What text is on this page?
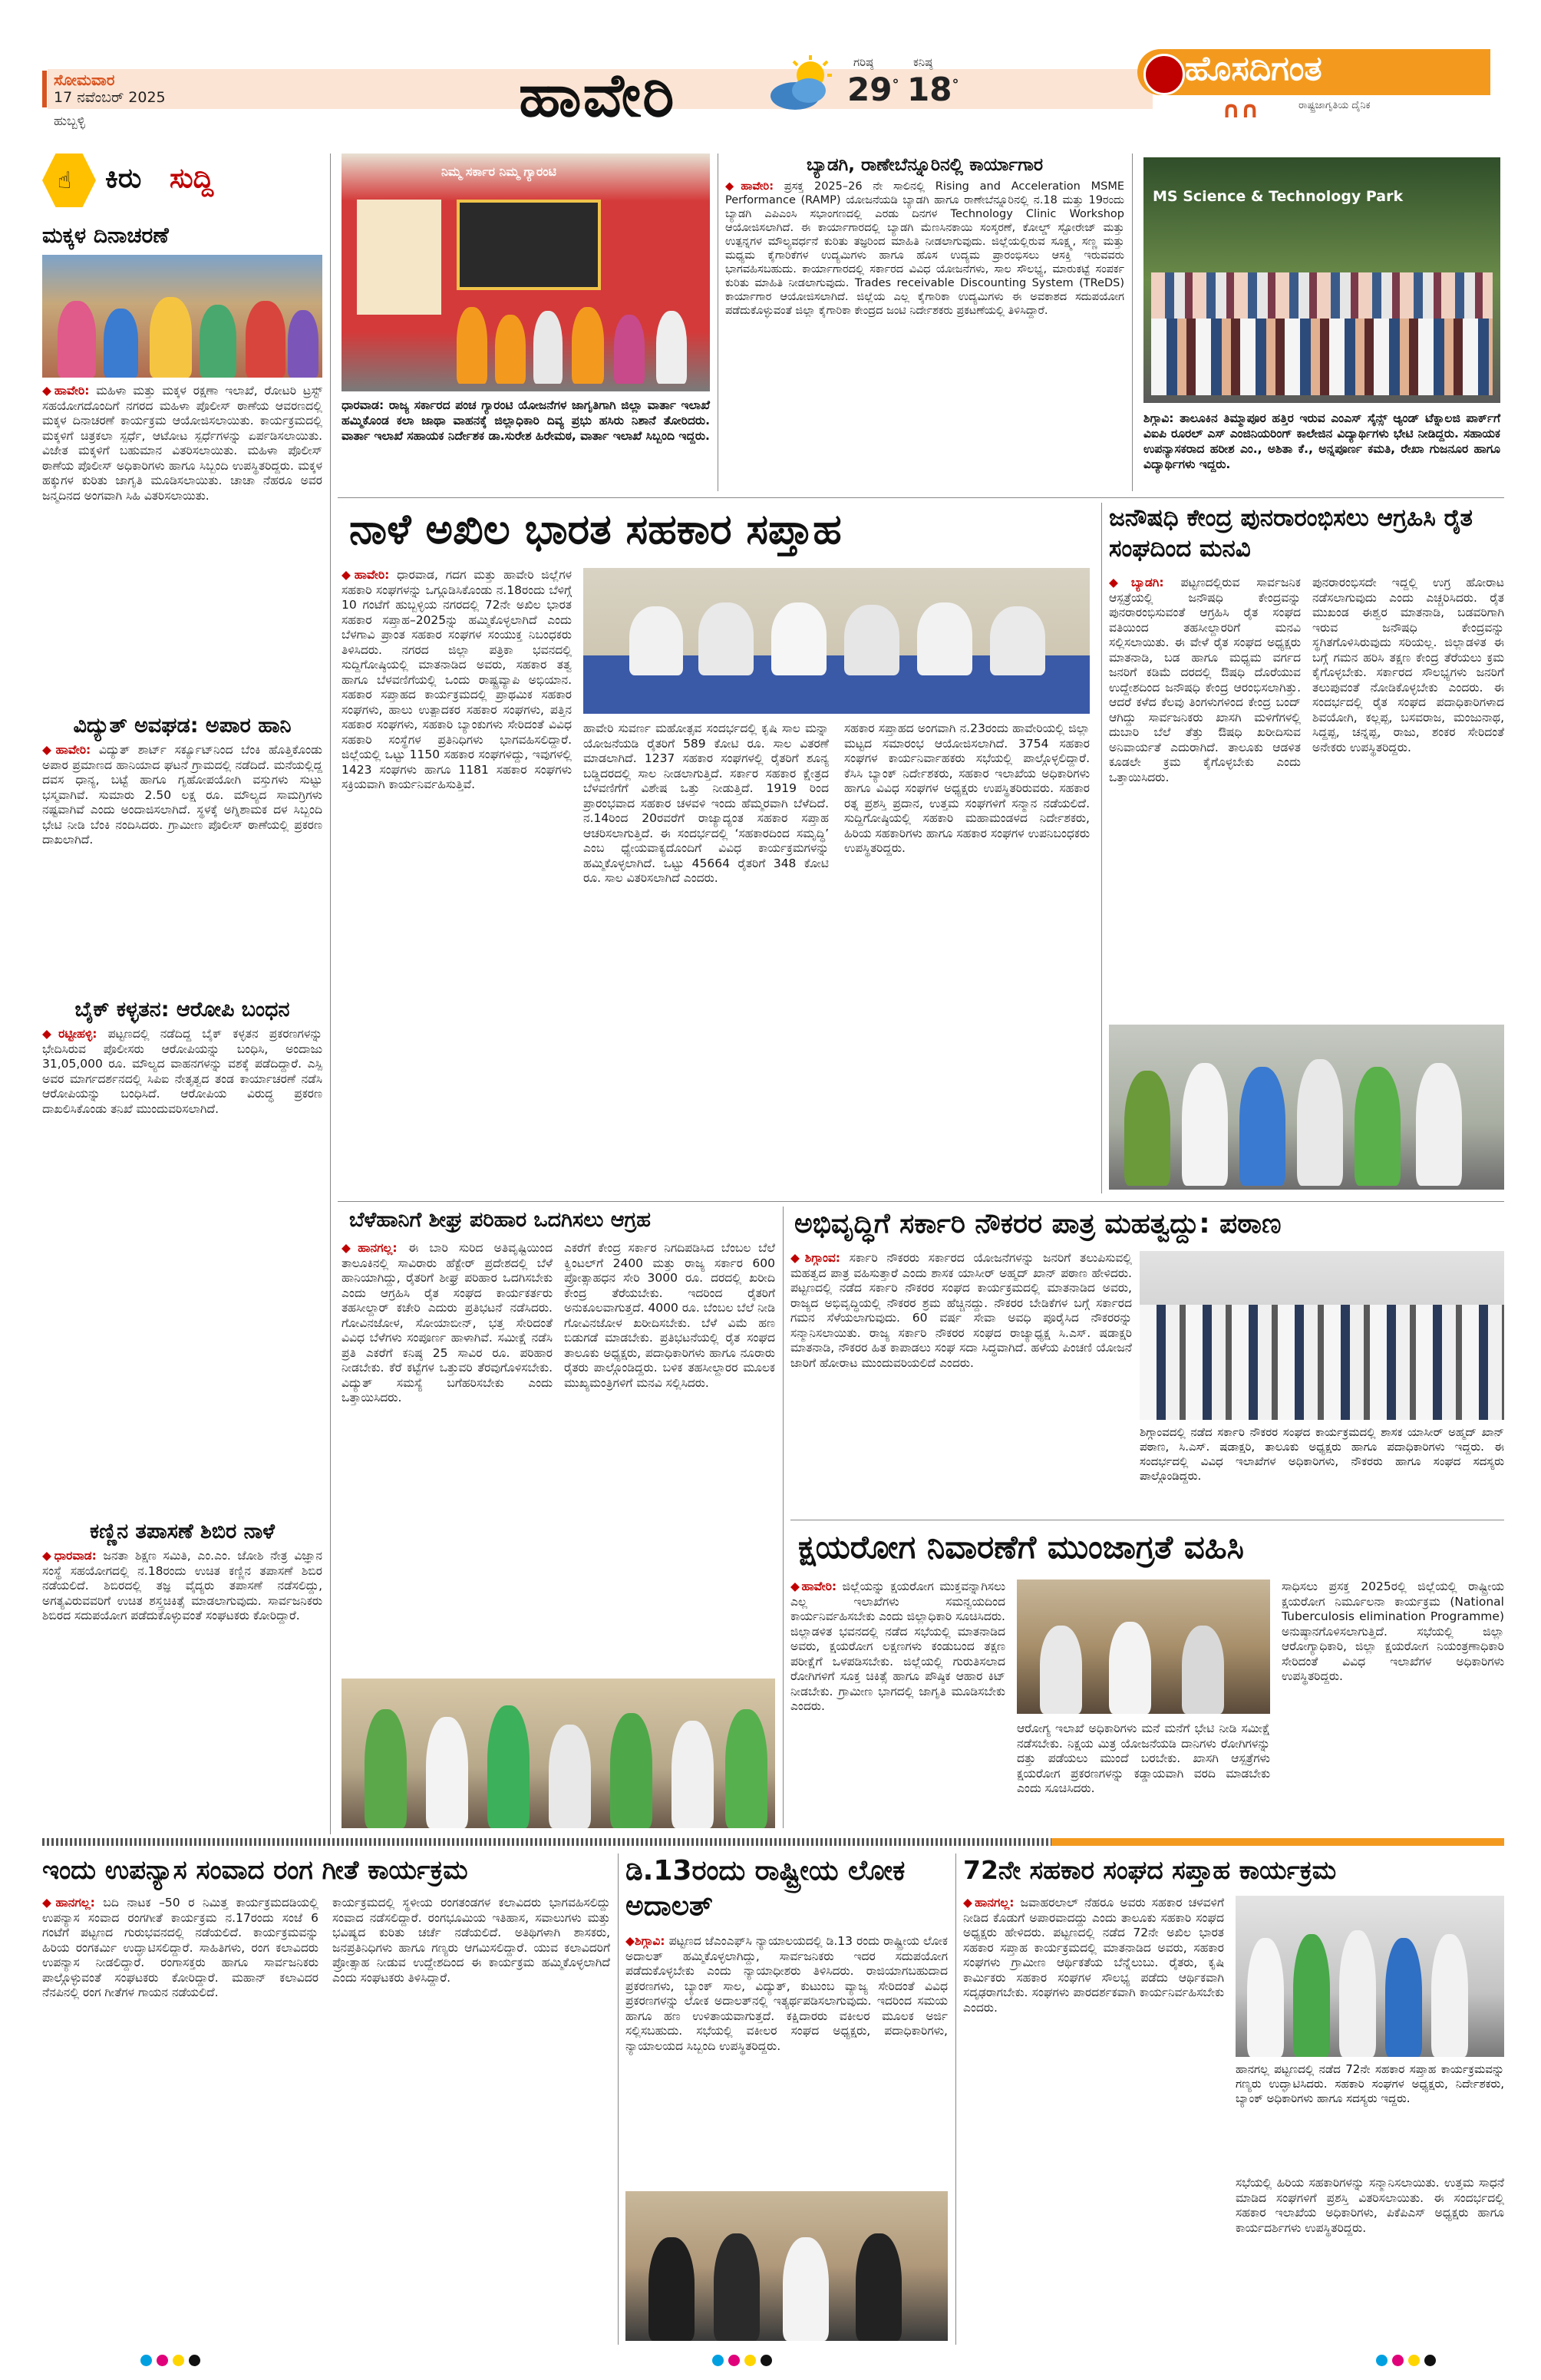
ಸೋಮವಾರ
17 ನವೆಂಬರ್ 2025
ಹುಬ್ಬಳ್ಳಿ	ಹಾವೇರಿ	ಗರಿಷ್ಠ	ಕನಿಷ್ಠ
29° 18°	ಹೊಸದಿಗಂತ
ರಾಷ್ಟ್ರಜಾಗೃತಿಯ ದೈನಿಕ
∩∩
☝ ಕಿರು ಸುದ್ದಿ
ಮಕ್ಕಳ ದಿನಾಚರಣೆ
◆ಹಾವೇರಿ: ಮಹಿಳಾ ಮತ್ತು ಮಕ್ಕಳ ರಕ್ಷಣಾ ಇಲಾಖೆ, ರೋಟರಿ ಟ್ರಸ್ಟ್ ಸಹಯೋಗದೊಂದಿಗೆ ನಗರದ ಮಹಿಳಾ ಪೊಲೀಸ್ ಠಾಣೆಯ ಆವರಣದಲ್ಲಿ ಮಕ್ಕಳ ದಿನಾಚರಣೆ ಕಾರ್ಯಕ್ರಮ ಆಯೋಜಿಸಲಾಯಿತು. ಕಾರ್ಯಕ್ರಮದಲ್ಲಿ ಮಕ್ಕಳಿಗೆ ಚಿತ್ರಕಲಾ ಸ್ಪರ್ಧೆ, ಆಟೋಟ ಸ್ಪರ್ಧೆಗಳನ್ನು ಏರ್ಪಡಿಸಲಾಯಿತು. ವಿಜೇತ ಮಕ್ಕಳಿಗೆ ಬಹುಮಾನ ವಿತರಿಸಲಾಯಿತು. ಮಹಿಳಾ ಪೊಲೀಸ್ ಠಾಣೆಯ ಪೊಲೀಸ್ ಅಧಿಕಾರಿಗಳು ಹಾಗೂ ಸಿಬ್ಬಂದಿ ಉಪಸ್ಥಿತರಿದ್ದರು. ಮಕ್ಕಳ ಹಕ್ಕುಗಳ ಕುರಿತು ಜಾಗೃತಿ ಮೂಡಿಸಲಾಯಿತು. ಚಾಚಾ ನೆಹರೂ ಅವರ ಜನ್ಮದಿನದ ಅಂಗವಾಗಿ ಸಿಹಿ ವಿತರಿಸಲಾಯಿತು.
ವಿದ್ಯುತ್ ಅವಘಡ: ಅಪಾರ ಹಾನಿ
◆ಹಾವೇರಿ: ವಿದ್ಯುತ್ ಶಾರ್ಟ್ ಸರ್ಕ್ಯೂಟ್‌ನಿಂದ ಬೆಂಕಿ ಹೊತ್ತಿಕೊಂಡು ಅಪಾರ ಪ್ರಮಾಣದ ಹಾನಿಯಾದ ಘಟನೆ ಗ್ರಾಮದಲ್ಲಿ ನಡೆದಿದೆ. ಮನೆಯಲ್ಲಿದ್ದ ದವಸ ಧಾನ್ಯ, ಬಟ್ಟೆ ಹಾಗೂ ಗೃಹೋಪಯೋಗಿ ವಸ್ತುಗಳು ಸುಟ್ಟು ಭಸ್ಮವಾಗಿವೆ. ಸುಮಾರು 2.50 ಲಕ್ಷ ರೂ. ಮೌಲ್ಯದ ಸಾಮಗ್ರಿಗಳು ನಷ್ಟವಾಗಿವೆ ಎಂದು ಅಂದಾಜಿಸಲಾಗಿದೆ. ಸ್ಥಳಕ್ಕೆ ಅಗ್ನಿಶಾಮಕ ದಳ ಸಿಬ್ಬಂದಿ ಭೇಟಿ ನೀಡಿ ಬೆಂಕಿ ನಂದಿಸಿದರು. ಗ್ರಾಮೀಣ ಪೊಲೀಸ್ ಠಾಣೆಯಲ್ಲಿ ಪ್ರಕರಣ ದಾಖಲಾಗಿದೆ.
ಬೈಕ್ ಕಳ್ಳತನ: ಆರೋಪಿ ಬಂಧನ
◆ರಟ್ಟೀಹಳ್ಳಿ: ಪಟ್ಟಣದಲ್ಲಿ ನಡೆದಿದ್ದ ಬೈಕ್ ಕಳ್ಳತನ ಪ್ರಕರಣಗಳನ್ನು ಭೇದಿಸಿರುವ ಪೊಲೀಸರು ಆರೋಪಿಯನ್ನು ಬಂಧಿಸಿ, ಅಂದಾಜು 31,05,000 ರೂ. ಮೌಲ್ಯದ ವಾಹನಗಳನ್ನು ವಶಕ್ಕೆ ಪಡೆದಿದ್ದಾರೆ. ಎಸ್ಪಿ ಅವರ ಮಾರ್ಗದರ್ಶನದಲ್ಲಿ ಸಿಪಿಐ ನೇತೃತ್ವದ ತಂಡ ಕಾರ್ಯಾಚರಣೆ ನಡೆಸಿ ಆರೋಪಿಯನ್ನು ಬಂಧಿಸಿದೆ. ಆರೋಪಿಯ ವಿರುದ್ಧ ಪ್ರಕರಣ ದಾಖಲಿಸಿಕೊಂಡು ತನಿಖೆ ಮುಂದುವರಿಸಲಾಗಿದೆ.
ಕಣ್ಣಿನ ತಪಾಸಣೆ ಶಿಬಿರ ನಾಳೆ
◆ಧಾರವಾಡ: ಜನತಾ ಶಿಕ್ಷಣ ಸಮಿತಿ, ಎಂ.ಎಂ. ಜೋಶಿ ನೇತ್ರ ವಿಜ್ಞಾನ ಸಂಸ್ಥೆ ಸಹಯೋಗದಲ್ಲಿ ನ.18ರಂದು ಉಚಿತ ಕಣ್ಣಿನ ತಪಾಸಣೆ ಶಿಬಿರ ನಡೆಯಲಿದೆ. ಶಿಬಿರದಲ್ಲಿ ತಜ್ಞ ವೈದ್ಯರು ತಪಾಸಣೆ ನಡೆಸಲಿದ್ದು, ಅಗತ್ಯವಿರುವವರಿಗೆ ಉಚಿತ ಶಸ್ತ್ರಚಿಕಿತ್ಸೆ ಮಾಡಲಾಗುವುದು. ಸಾರ್ವಜನಿಕರು ಶಿಬಿರದ ಸದುಪಯೋಗ ಪಡೆದುಕೊಳ್ಳುವಂತೆ ಸಂಘಟಕರು ಕೋರಿದ್ದಾರೆ.
ನಿಮ್ಮ ಸರ್ಕಾರ ನಿಮ್ಮ ಗ್ಯಾರಂಟಿ
ಧಾರವಾಡ: ರಾಜ್ಯ ಸರ್ಕಾರದ ಪಂಚ ಗ್ಯಾರಂಟಿ ಯೋಜನೆಗಳ ಜಾಗೃತಿಗಾಗಿ ಜಿಲ್ಲಾ ವಾರ್ತಾ ಇಲಾಖೆ ಹಮ್ಮಿಕೊಂಡ ಕಲಾ ಜಾಥಾ ವಾಹನಕ್ಕೆ ಜಿಲ್ಲಾಧಿಕಾರಿ ದಿವ್ಯ ಪ್ರಭು ಹಸಿರು ನಿಶಾನೆ ತೋರಿದರು. ವಾರ್ತಾ ಇಲಾಖೆ ಸಹಾಯಕ ನಿರ್ದೇಶಕ ಡಾ.ಸುರೇಶ ಹಿರೇಮಠ, ವಾರ್ತಾ ಇಲಾಖೆ ಸಿಬ್ಬಂದಿ ಇದ್ದರು.
ಬ್ಯಾಡಗಿ, ರಾಣೇಬೆನ್ನೂರಿನಲ್ಲಿ ಕಾರ್ಯಾಗಾರ
◆ಹಾವೇರಿ: ಪ್ರಸಕ್ತ 2025–26 ನೇ ಸಾಲಿನಲ್ಲಿ Rising and Acceleration MSME Performance (RAMP) ಯೋಜನೆಯಡಿ ಬ್ಯಾಡಗಿ ಹಾಗೂ ರಾಣೇಬೆನ್ನೂರಿನಲ್ಲಿ ನ.18 ಮತ್ತು 19ರಂದು ಬ್ಯಾಡಗಿ ಎಪಿಎಂಸಿ ಸಭಾಂಗಣದಲ್ಲಿ ಎರಡು ದಿನಗಳ Technology Clinic Workshop ಆಯೋಜಿಸಲಾಗಿದೆ. ಈ ಕಾರ್ಯಾಗಾರದಲ್ಲಿ ಬ್ಯಾಡಗಿ ಮೆಣಸಿನಕಾಯಿ ಸಂಸ್ಕರಣೆ, ಕೋಲ್ಡ್ ಸ್ಟೋರೇಜ್ ಮತ್ತು ಉತ್ಪನ್ನಗಳ ಮೌಲ್ಯವರ್ಧನೆ ಕುರಿತು ತಜ್ಞರಿಂದ ಮಾಹಿತಿ ನೀಡಲಾಗುವುದು. ಜಿಲ್ಲೆಯಲ್ಲಿರುವ ಸೂಕ್ಷ್ಮ, ಸಣ್ಣ ಮತ್ತು ಮಧ್ಯಮ ಕೈಗಾರಿಕೆಗಳ ಉದ್ಯಮಿಗಳು ಹಾಗೂ ಹೊಸ ಉದ್ಯಮ ಪ್ರಾರಂಭಿಸಲು ಆಸಕ್ತಿ ಇರುವವರು ಭಾಗವಹಿಸಬಹುದು. ಕಾರ್ಯಾಗಾರದಲ್ಲಿ ಸರ್ಕಾರದ ವಿವಿಧ ಯೋಜನೆಗಳು, ಸಾಲ ಸೌಲಭ್ಯ, ಮಾರುಕಟ್ಟೆ ಸಂಪರ್ಕ ಕುರಿತು ಮಾಹಿತಿ ನೀಡಲಾಗುವುದು. Trades receivable Discounting System (TReDS) ಕಾರ್ಯಾಗಾರ ಆಯೋಜಿಸಲಾಗಿದೆ. ಜಿಲ್ಲೆಯ ಎಲ್ಲ ಕೈಗಾರಿಕಾ ಉದ್ಯಮಿಗಳು ಈ ಅವಕಾಶದ ಸದುಪಯೋಗ ಪಡೆದುಕೊಳ್ಳುವಂತೆ ಜಿಲ್ಲಾ ಕೈಗಾರಿಕಾ ಕೇಂದ್ರದ ಜಂಟಿ ನಿರ್ದೇಶಕರು ಪ್ರಕಟಣೆಯಲ್ಲಿ ತಿಳಿಸಿದ್ದಾರೆ.
MS Science & Technology Park
ಶಿಗ್ಗಾವಿ: ತಾಲೂಕಿನ ತಿಮ್ಮಾಪೂರ ಹತ್ತಿರ ಇರುವ ಎಂಎಸ್ ಸೈನ್ಸ್ ಆ್ಯಂಡ್ ಟೆಕ್ನಾಲಜಿ ಪಾರ್ಕ್‌ಗೆ ವಿಐಪಿ ರೂರಲ್ ಎಸ್ ಎಂಜಿನಿಯರಿಂಗ್ ಕಾಲೇಜಿನ ವಿದ್ಯಾರ್ಥಿಗಳು ಭೇಟಿ ನೀಡಿದ್ದರು. ಸಹಾಯಕ ಉಪನ್ಯಾಸಕರಾದ ಹರೀಶ ಎಂ., ಅಶಿತಾ ಕೆ., ಅನ್ನಪೂರ್ಣ ಕಮತಿ, ರೇಖಾ ಗುಜನೂರ ಹಾಗೂ ವಿದ್ಯಾರ್ಥಿಗಳು ಇದ್ದರು.
ನಾಳೆ ಅಖಿಲ ಭಾರತ ಸಹಕಾರ ಸಪ್ತಾಹ
◆ಹಾವೇರಿ: ಧಾರವಾಡ, ಗದಗ ಮತ್ತು ಹಾವೇರಿ ಜಿಲ್ಲೆಗಳ ಸಹಕಾರಿ ಸಂಘಗಳನ್ನು ಒಗ್ಗೂಡಿಸಿಕೊಂಡು ನ.18ರಂದು ಬೆಳಿಗ್ಗೆ 10 ಗಂಟೆಗೆ ಹುಬ್ಬಳ್ಳಿಯ ನಗರದಲ್ಲಿ 72ನೇ ಅಖಿಲ ಭಾರತ ಸಹಕಾರ ಸಪ್ತಾಹ–2025ನ್ನು ಹಮ್ಮಿಕೊಳ್ಳಲಾಗಿದೆ ಎಂದು ಬೆಳಗಾವಿ ಪ್ರಾಂತ ಸಹಕಾರ ಸಂಘಗಳ ಸಂಯುಕ್ತ ನಿಬಂಧಕರು ತಿಳಿಸಿದರು. ನಗರದ ಜಿಲ್ಲಾ ಪತ್ರಿಕಾ ಭವನದಲ್ಲಿ ಸುದ್ದಿಗೋಷ್ಠಿಯಲ್ಲಿ ಮಾತನಾಡಿದ ಅವರು, ಸಹಕಾರ ತತ್ವ ಹಾಗೂ ಬೆಳವಣಿಗೆಯಲ್ಲಿ ಒಂದು ರಾಷ್ಟ್ರವ್ಯಾಪಿ ಅಭಿಯಾನ. ಸಹಕಾರ ಸಪ್ತಾಹದ ಕಾರ್ಯಕ್ರಮದಲ್ಲಿ ಪ್ರಾಥಮಿಕ ಸಹಕಾರ ಸಂಘಗಳು, ಹಾಲು ಉತ್ಪಾದಕರ ಸಹಕಾರ ಸಂಘಗಳು, ಪತ್ತಿನ ಸಹಕಾರ ಸಂಘಗಳು, ಸಹಕಾರಿ ಬ್ಯಾಂಕುಗಳು ಸೇರಿದಂತೆ ವಿವಿಧ ಸಹಕಾರಿ ಸಂಸ್ಥೆಗಳ ಪ್ರತಿನಿಧಿಗಳು ಭಾಗವಹಿಸಲಿದ್ದಾರೆ. ಜಿಲ್ಲೆಯಲ್ಲಿ ಒಟ್ಟು 1150 ಸಹಕಾರ ಸಂಘಗಳಿದ್ದು, ಇವುಗಳಲ್ಲಿ 1423 ಸಂಘಗಳು ಹಾಗೂ 1181 ಸಹಕಾರ ಸಂಘಗಳು ಸಕ್ರಿಯವಾಗಿ ಕಾರ್ಯನಿರ್ವಹಿಸುತ್ತಿವೆ.
ಹಾವೇರಿ ಸುವರ್ಣ ಮಹೋತ್ಸವ ಸಂದರ್ಭದಲ್ಲಿ ಕೃಷಿ ಸಾಲ ಮನ್ನಾ ಯೋಜನೆಯಡಿ ರೈತರಿಗೆ 589 ಕೋಟಿ ರೂ. ಸಾಲ ವಿತರಣೆ ಮಾಡಲಾಗಿದೆ. 1237 ಸಹಕಾರ ಸಂಘಗಳಲ್ಲಿ ರೈತರಿಗೆ ಶೂನ್ಯ ಬಡ್ಡಿದರದಲ್ಲಿ ಸಾಲ ನೀಡಲಾಗುತ್ತಿದೆ. ಸರ್ಕಾರ ಸಹಕಾರ ಕ್ಷೇತ್ರದ ಬೆಳವಣಿಗೆಗೆ ವಿಶೇಷ ಒತ್ತು ನೀಡುತ್ತಿದೆ. 1919 ರಿಂದ ಪ್ರಾರಂಭವಾದ ಸಹಕಾರ ಚಳವಳಿ ಇಂದು ಹೆಮ್ಮರವಾಗಿ ಬೆಳೆದಿದೆ. ನ.14ರಿಂದ 20ರವರೆಗೆ ರಾಜ್ಯಾದ್ಯಂತ ಸಹಕಾರ ಸಪ್ತಾಹ ಆಚರಿಸಲಾಗುತ್ತಿದೆ. ಈ ಸಂದರ್ಭದಲ್ಲಿ ‘ಸಹಕಾರದಿಂದ ಸಮೃದ್ಧಿ’ ಎಂಬ ಧ್ಯೇಯವಾಕ್ಯದೊಂದಿಗೆ ವಿವಿಧ ಕಾರ್ಯಕ್ರಮಗಳನ್ನು ಹಮ್ಮಿಕೊಳ್ಳಲಾಗಿದೆ. ಒಟ್ಟು 45664 ರೈತರಿಗೆ 348 ಕೋಟಿ ರೂ. ಸಾಲ ವಿತರಿಸಲಾಗಿದೆ ಎಂದರು.
ಸಹಕಾರ ಸಪ್ತಾಹದ ಅಂಗವಾಗಿ ನ.23ರಂದು ಹಾವೇರಿಯಲ್ಲಿ ಜಿಲ್ಲಾ ಮಟ್ಟದ ಸಮಾರಂಭ ಆಯೋಜಿಸಲಾಗಿದೆ. 3754 ಸಹಕಾರ ಸಂಘಗಳ ಕಾರ್ಯನಿರ್ವಾಹಕರು ಸಭೆಯಲ್ಲಿ ಪಾಲ್ಗೊಳ್ಳಲಿದ್ದಾರೆ. ಕೆಸಿಸಿ ಬ್ಯಾಂಕ್ ನಿರ್ದೇಶಕರು, ಸಹಕಾರ ಇಲಾಖೆಯ ಅಧಿಕಾರಿಗಳು ಹಾಗೂ ವಿವಿಧ ಸಂಘಗಳ ಅಧ್ಯಕ್ಷರು ಉಪಸ್ಥಿತರಿರುವರು. ಸಹಕಾರ ರತ್ನ ಪ್ರಶಸ್ತಿ ಪ್ರದಾನ, ಉತ್ತಮ ಸಂಘಗಳಿಗೆ ಸನ್ಮಾನ ನಡೆಯಲಿದೆ. ಸುದ್ದಿಗೋಷ್ಠಿಯಲ್ಲಿ ಸಹಕಾರಿ ಮಹಾಮಂಡಳದ ನಿರ್ದೇಶಕರು, ಹಿರಿಯ ಸಹಕಾರಿಗಳು ಹಾಗೂ ಸಹಕಾರ ಸಂಘಗಳ ಉಪನಿಬಂಧಕರು ಉಪಸ್ಥಿತರಿದ್ದರು.
ಜನೌಷಧಿ ಕೇಂದ್ರ ಪುನರಾರಂಭಿಸಲು ಆಗ್ರಹಿಸಿ ರೈತ ಸಂಘದಿಂದ ಮನವಿ
◆ಬ್ಯಾಡಗಿ: ಪಟ್ಟಣದಲ್ಲಿರುವ ಸಾರ್ವಜನಿಕ ಆಸ್ಪತ್ರೆಯಲ್ಲಿ ಜನೌಷಧಿ ಕೇಂದ್ರವನ್ನು ಪುನರಾರಂಭಿಸುವಂತೆ ಆಗ್ರಹಿಸಿ ರೈತ ಸಂಘದ ವತಿಯಿಂದ ತಹಸೀಲ್ದಾರರಿಗೆ ಮನವಿ ಸಲ್ಲಿಸಲಾಯಿತು. ಈ ವೇಳೆ ರೈತ ಸಂಘದ ಅಧ್ಯಕ್ಷರು ಮಾತನಾಡಿ, ಬಡ ಹಾಗೂ ಮಧ್ಯಮ ವರ್ಗದ ಜನರಿಗೆ ಕಡಿಮೆ ದರದಲ್ಲಿ ಔಷಧಿ ದೊರೆಯುವ ಉದ್ದೇಶದಿಂದ ಜನೌಷಧಿ ಕೇಂದ್ರ ಆರಂಭಿಸಲಾಗಿತ್ತು. ಆದರೆ ಕಳೆದ ಕೆಲವು ತಿಂಗಳುಗಳಿಂದ ಕೇಂದ್ರ ಬಂದ್ ಆಗಿದ್ದು ಸಾರ್ವಜನಿಕರು ಖಾಸಗಿ ಮಳಿಗೆಗಳಲ್ಲಿ ದುಬಾರಿ ಬೆಲೆ ತೆತ್ತು ಔಷಧಿ ಖರೀದಿಸುವ ಅನಿವಾರ್ಯತೆ ಎದುರಾಗಿದೆ. ತಾಲೂಕು ಆಡಳಿತ ಕೂಡಲೇ ಕ್ರಮ ಕೈಗೊಳ್ಳಬೇಕು ಎಂದು ಒತ್ತಾಯಿಸಿದರು.
ಪುನರಾರಂಭಿಸದೇ ಇದ್ದಲ್ಲಿ ಉಗ್ರ ಹೋರಾಟ ನಡೆಸಲಾಗುವುದು ಎಂದು ಎಚ್ಚರಿಸಿದರು. ರೈತ ಮುಖಂಡ ಈಶ್ವರ ಮಾತನಾಡಿ, ಬಡವರಿಗಾಗಿ ಇರುವ ಜನೌಷಧಿ ಕೇಂದ್ರವನ್ನು ಸ್ಥಗಿತಗೊಳಿಸಿರುವುದು ಸರಿಯಲ್ಲ. ಜಿಲ್ಲಾಡಳಿತ ಈ ಬಗ್ಗೆ ಗಮನ ಹರಿಸಿ ತಕ್ಷಣ ಕೇಂದ್ರ ತೆರೆಯಲು ಕ್ರಮ ಕೈಗೊಳ್ಳಬೇಕು. ಸರ್ಕಾರದ ಸೌಲಭ್ಯಗಳು ಜನರಿಗೆ ತಲುಪುವಂತೆ ನೋಡಿಕೊಳ್ಳಬೇಕು ಎಂದರು. ಈ ಸಂದರ್ಭದಲ್ಲಿ ರೈತ ಸಂಘದ ಪದಾಧಿಕಾರಿಗಳಾದ ಶಿವಯೋಗಿ, ಕಲ್ಲಪ್ಪ, ಬಸವರಾಜ, ಮಂಜುನಾಥ, ಸಿದ್ದಪ್ಪ, ಚನ್ನಪ್ಪ, ರಾಜು, ಶಂಕರ ಸೇರಿದಂತೆ ಅನೇಕರು ಉಪಸ್ಥಿತರಿದ್ದರು.
ಬೆಳೆಹಾನಿಗೆ ಶೀಘ್ರ ಪರಿಹಾರ ಒದಗಿಸಲು ಆಗ್ರಹ
◆ಹಾನಗಲ್ಲ: ಈ ಬಾರಿ ಸುರಿದ ಅತಿವೃಷ್ಟಿಯಿಂದ ತಾಲೂಕಿನಲ್ಲಿ ಸಾವಿರಾರು ಹೆಕ್ಟೇರ್ ಪ್ರದೇಶದಲ್ಲಿ ಬೆಳೆ ಹಾನಿಯಾಗಿದ್ದು, ರೈತರಿಗೆ ಶೀಘ್ರ ಪರಿಹಾರ ಒದಗಿಸಬೇಕು ಎಂದು ಆಗ್ರಹಿಸಿ ರೈತ ಸಂಘದ ಕಾರ್ಯಕರ್ತರು ತಹಸೀಲ್ದಾರ್ ಕಚೇರಿ ಎದುರು ಪ್ರತಿಭಟನೆ ನಡೆಸಿದರು. ಗೋವಿನಜೋಳ, ಸೋಯಾಬೀನ್, ಭತ್ತ ಸೇರಿದಂತೆ ವಿವಿಧ ಬೆಳೆಗಳು ಸಂಪೂರ್ಣ ಹಾಳಾಗಿವೆ. ಸಮೀಕ್ಷೆ ನಡೆಸಿ ಪ್ರತಿ ಎಕರೆಗೆ ಕನಿಷ್ಠ 25 ಸಾವಿರ ರೂ. ಪರಿಹಾರ ನೀಡಬೇಕು. ಕೆರೆ ಕಟ್ಟೆಗಳ ಒತ್ತುವರಿ ತೆರವುಗೊಳಿಸಬೇಕು. ವಿದ್ಯುತ್ ಸಮಸ್ಯೆ ಬಗೆಹರಿಸಬೇಕು ಎಂದು ಒತ್ತಾಯಿಸಿದರು.
ಎಕರೆಗೆ ಕೇಂದ್ರ ಸರ್ಕಾರ ನಿಗದಿಪಡಿಸಿದ ಬೆಂಬಲ ಬೆಲೆ ಕ್ವಿಂಟಲ್‌ಗೆ 2400 ಮತ್ತು ರಾಜ್ಯ ಸರ್ಕಾರ 600 ಪ್ರೋತ್ಸಾಹಧನ ಸೇರಿ 3000 ರೂ. ದರದಲ್ಲಿ ಖರೀದಿ ಕೇಂದ್ರ ತೆರೆಯಬೇಕು. ಇದರಿಂದ ರೈತರಿಗೆ ಅನುಕೂಲವಾಗುತ್ತದೆ. 4000 ರೂ. ಬೆಂಬಲ ಬೆಲೆ ನೀಡಿ ಗೋವಿನಜೋಳ ಖರೀದಿಸಬೇಕು. ಬೆಳೆ ವಿಮೆ ಹಣ ಬಿಡುಗಡೆ ಮಾಡಬೇಕು. ಪ್ರತಿಭಟನೆಯಲ್ಲಿ ರೈತ ಸಂಘದ ತಾಲೂಕು ಅಧ್ಯಕ್ಷರು, ಪದಾಧಿಕಾರಿಗಳು ಹಾಗೂ ನೂರಾರು ರೈತರು ಪಾಲ್ಗೊಂಡಿದ್ದರು. ಬಳಿಕ ತಹಸೀಲ್ದಾರರ ಮೂಲಕ ಮುಖ್ಯಮಂತ್ರಿಗಳಿಗೆ ಮನವಿ ಸಲ್ಲಿಸಿದರು.
ಅಭಿವೃದ್ಧಿಗೆ ಸರ್ಕಾರಿ ನೌಕರರ ಪಾತ್ರ ಮಹತ್ವದ್ದು: ಪಠಾಣ
◆ಶಿಗ್ಗಾಂವ: ಸರ್ಕಾರಿ ನೌಕರರು ಸರ್ಕಾರದ ಯೋಜನೆಗಳನ್ನು ಜನರಿಗೆ ತಲುಪಿಸುವಲ್ಲಿ ಮಹತ್ವದ ಪಾತ್ರ ವಹಿಸುತ್ತಾರೆ ಎಂದು ಶಾಸಕ ಯಾಸೀರ್ ಅಹ್ಮದ್ ಖಾನ್ ಪಠಾಣ ಹೇಳಿದರು. ಪಟ್ಟಣದಲ್ಲಿ ನಡೆದ ಸರ್ಕಾರಿ ನೌಕರರ ಸಂಘದ ಕಾರ್ಯಕ್ರಮದಲ್ಲಿ ಮಾತನಾಡಿದ ಅವರು, ರಾಜ್ಯದ ಅಭಿವೃದ್ಧಿಯಲ್ಲಿ ನೌಕರರ ಶ್ರಮ ಹೆಚ್ಚಿನದ್ದು. ನೌಕರರ ಬೇಡಿಕೆಗಳ ಬಗ್ಗೆ ಸರ್ಕಾರದ ಗಮನ ಸೆಳೆಯಲಾಗುವುದು. 60 ವರ್ಷ ಸೇವಾ ಅವಧಿ ಪೂರೈಸಿದ ನೌಕರರನ್ನು ಸನ್ಮಾನಿಸಲಾಯಿತು. ರಾಜ್ಯ ಸರ್ಕಾರಿ ನೌಕರರ ಸಂಘದ ರಾಜ್ಯಾಧ್ಯಕ್ಷ ಸಿ.ಎಸ್. ಷಡಾಕ್ಷರಿ ಮಾತನಾಡಿ, ನೌಕರರ ಹಿತ ಕಾಪಾಡಲು ಸಂಘ ಸದಾ ಸಿದ್ಧವಾಗಿದೆ. ಹಳೆಯ ಪಿಂಚಣಿ ಯೋಜನೆ ಜಾರಿಗೆ ಹೋರಾಟ ಮುಂದುವರಿಯಲಿದೆ ಎಂದರು.
ಶಿಗ್ಗಾಂವದಲ್ಲಿ ನಡೆದ ಸರ್ಕಾರಿ ನೌಕರರ ಸಂಘದ ಕಾರ್ಯಕ್ರಮದಲ್ಲಿ ಶಾಸಕ ಯಾಸೀರ್ ಅಹ್ಮದ್ ಖಾನ್ ಪಠಾಣ, ಸಿ.ಎಸ್. ಷಡಾಕ್ಷರಿ, ತಾಲೂಕು ಅಧ್ಯಕ್ಷರು ಹಾಗೂ ಪದಾಧಿಕಾರಿಗಳು ಇದ್ದರು. ಈ ಸಂದರ್ಭದಲ್ಲಿ ವಿವಿಧ ಇಲಾಖೆಗಳ ಅಧಿಕಾರಿಗಳು, ನೌಕರರು ಹಾಗೂ ಸಂಘದ ಸದಸ್ಯರು ಪಾಲ್ಗೊಂಡಿದ್ದರು.
ಕ್ಷಯರೋಗ ನಿವಾರಣೆಗೆ ಮುಂಜಾಗ್ರತೆ ವಹಿಸಿ
◆ಹಾವೇರಿ: ಜಿಲ್ಲೆಯನ್ನು ಕ್ಷಯರೋಗ ಮುಕ್ತವನ್ನಾಗಿಸಲು ಎಲ್ಲ ಇಲಾಖೆಗಳು ಸಮನ್ವಯದಿಂದ ಕಾರ್ಯನಿರ್ವಹಿಸಬೇಕು ಎಂದು ಜಿಲ್ಲಾಧಿಕಾರಿ ಸೂಚಿಸಿದರು. ಜಿಲ್ಲಾಡಳಿತ ಭವನದಲ್ಲಿ ನಡೆದ ಸಭೆಯಲ್ಲಿ ಮಾತನಾಡಿದ ಅವರು, ಕ್ಷಯರೋಗ ಲಕ್ಷಣಗಳು ಕಂಡುಬಂದ ತಕ್ಷಣ ಪರೀಕ್ಷೆಗೆ ಒಳಪಡಿಸಬೇಕು. ಜಿಲ್ಲೆಯಲ್ಲಿ ಗುರುತಿಸಲಾದ ರೋಗಿಗಳಿಗೆ ಸೂಕ್ತ ಚಿಕಿತ್ಸೆ ಹಾಗೂ ಪೌಷ್ಠಿಕ ಆಹಾರ ಕಿಟ್ ನೀಡಬೇಕು. ಗ್ರಾಮೀಣ ಭಾಗದಲ್ಲಿ ಜಾಗೃತಿ ಮೂಡಿಸಬೇಕು ಎಂದರು.
ಆರೋಗ್ಯ ಇಲಾಖೆ ಅಧಿಕಾರಿಗಳು ಮನೆ ಮನೆಗೆ ಭೇಟಿ ನೀಡಿ ಸಮೀಕ್ಷೆ ನಡೆಸಬೇಕು. ನಿಕ್ಷಯ ಮಿತ್ರ ಯೋಜನೆಯಡಿ ದಾನಿಗಳು ರೋಗಿಗಳನ್ನು ದತ್ತು ಪಡೆಯಲು ಮುಂದೆ ಬರಬೇಕು. ಖಾಸಗಿ ಆಸ್ಪತ್ರೆಗಳು ಕ್ಷಯರೋಗ ಪ್ರಕರಣಗಳನ್ನು ಕಡ್ಡಾಯವಾಗಿ ವರದಿ ಮಾಡಬೇಕು ಎಂದು ಸೂಚಿಸಿದರು.
ಸಾಧಿಸಲು ಪ್ರಸಕ್ತ 2025ರಲ್ಲಿ ಜಿಲ್ಲೆಯಲ್ಲಿ ರಾಷ್ಟ್ರೀಯ ಕ್ಷಯರೋಗ ನಿರ್ಮೂಲನಾ ಕಾರ್ಯಕ್ರಮ (National Tuberculosis elimination Programme) ಅನುಷ್ಠಾನಗೊಳಿಸಲಾಗುತ್ತಿದೆ. ಸಭೆಯಲ್ಲಿ ಜಿಲ್ಲಾ ಆರೋಗ್ಯಾಧಿಕಾರಿ, ಜಿಲ್ಲಾ ಕ್ಷಯರೋಗ ನಿಯಂತ್ರಣಾಧಿಕಾರಿ ಸೇರಿದಂತೆ ವಿವಿಧ ಇಲಾಖೆಗಳ ಅಧಿಕಾರಿಗಳು ಉಪಸ್ಥಿತರಿದ್ದರು.
ಇಂದು ಉಪನ್ಯಾಸ ಸಂವಾದ ರಂಗ ಗೀತೆ ಕಾರ್ಯಕ್ರಮ
◆ಹಾನಗಲ್ಲ: ಬದಿ ನಾಟಕ –50 ರ ನಿಮಿತ್ತ ಕಾರ್ಯಕ್ರಮದಡಿಯಲ್ಲಿ ಉಪನ್ಯಾಸ ಸಂವಾದ ರಂಗಗೀತೆ ಕಾರ್ಯಕ್ರಮ ನ.17ರಂದು ಸಂಜೆ 6 ಗಂಟೆಗೆ ಪಟ್ಟಣದ ಗುರುಭವನದಲ್ಲಿ ನಡೆಯಲಿದೆ. ಕಾರ್ಯಕ್ರಮವನ್ನು ಹಿರಿಯ ರಂಗಕರ್ಮಿ ಉದ್ಘಾಟಿಸಲಿದ್ದಾರೆ. ಸಾಹಿತಿಗಳು, ರಂಗ ಕಲಾವಿದರು ಉಪನ್ಯಾಸ ನೀಡಲಿದ್ದಾರೆ. ರಂಗಾಸಕ್ತರು ಹಾಗೂ ಸಾರ್ವಜನಿಕರು ಪಾಲ್ಗೊಳ್ಳುವಂತೆ ಸಂಘಟಕರು ಕೋರಿದ್ದಾರೆ. ಮಹಾನ್ ಕಲಾವಿದರ ನೆನಪಿನಲ್ಲಿ ರಂಗ ಗೀತೆಗಳ ಗಾಯನ ನಡೆಯಲಿದೆ.
ಕಾರ್ಯಕ್ರಮದಲ್ಲಿ ಸ್ಥಳೀಯ ರಂಗತಂಡಗಳ ಕಲಾವಿದರು ಭಾಗವಹಿಸಲಿದ್ದು ಸಂವಾದ ನಡೆಸಲಿದ್ದಾರೆ. ರಂಗಭೂಮಿಯ ಇತಿಹಾಸ, ಸವಾಲುಗಳು ಮತ್ತು ಭವಿಷ್ಯದ ಕುರಿತು ಚರ್ಚೆ ನಡೆಯಲಿದೆ. ಅತಿಥಿಗಳಾಗಿ ಶಾಸಕರು, ಜನಪ್ರತಿನಿಧಿಗಳು ಹಾಗೂ ಗಣ್ಯರು ಆಗಮಿಸಲಿದ್ದಾರೆ. ಯುವ ಕಲಾವಿದರಿಗೆ ಪ್ರೋತ್ಸಾಹ ನೀಡುವ ಉದ್ದೇಶದಿಂದ ಈ ಕಾರ್ಯಕ್ರಮ ಹಮ್ಮಿಕೊಳ್ಳಲಾಗಿದೆ ಎಂದು ಸಂಘಟಕರು ತಿಳಿಸಿದ್ದಾರೆ.
ಡಿ.13ರಂದು ರಾಷ್ಟ್ರೀಯ ಲೋಕ ಅದಾಲತ್
◆ಶಿಗ್ಗಾವಿ: ಪಟ್ಟಣದ ಜೆಎಂಎಫ್‌ಸಿ ನ್ಯಾಯಾಲಯದಲ್ಲಿ ಡಿ.13 ರಂದು ರಾಷ್ಟ್ರೀಯ ಲೋಕ ಅದಾಲತ್ ಹಮ್ಮಿಕೊಳ್ಳಲಾಗಿದ್ದು, ಸಾರ್ವಜನಿಕರು ಇದರ ಸದುಪಯೋಗ ಪಡೆದುಕೊಳ್ಳಬೇಕು ಎಂದು ನ್ಯಾಯಾಧೀಶರು ತಿಳಿಸಿದರು. ರಾಜಿಯಾಗಬಹುದಾದ ಪ್ರಕರಣಗಳು, ಬ್ಯಾಂಕ್ ಸಾಲ, ವಿದ್ಯುತ್, ಕುಟುಂಬ ವ್ಯಾಜ್ಯ ಸೇರಿದಂತೆ ವಿವಿಧ ಪ್ರಕರಣಗಳನ್ನು ಲೋಕ ಅದಾಲತ್‌ನಲ್ಲಿ ಇತ್ಯರ್ಥಪಡಿಸಲಾಗುವುದು. ಇದರಿಂದ ಸಮಯ ಹಾಗೂ ಹಣ ಉಳಿತಾಯವಾಗುತ್ತದೆ. ಕಕ್ಷಿದಾರರು ವಕೀಲರ ಮೂಲಕ ಅರ್ಜಿ ಸಲ್ಲಿಸಬಹುದು. ಸಭೆಯಲ್ಲಿ ವಕೀಲರ ಸಂಘದ ಅಧ್ಯಕ್ಷರು, ಪದಾಧಿಕಾರಿಗಳು, ನ್ಯಾಯಾಲಯದ ಸಿಬ್ಬಂದಿ ಉಪಸ್ಥಿತರಿದ್ದರು.
72ನೇ ಸಹಕಾರ ಸಂಘದ ಸಪ್ತಾಹ ಕಾರ್ಯಕ್ರಮ
◆ಹಾನಗಲ್ಲ: ಜವಾಹರಲಾಲ್ ನೆಹರೂ ಅವರು ಸಹಕಾರ ಚಳವಳಿಗೆ ನೀಡಿದ ಕೊಡುಗೆ ಅಪಾರವಾದದ್ದು ಎಂದು ತಾಲೂಕು ಸಹಕಾರಿ ಸಂಘದ ಅಧ್ಯಕ್ಷರು ಹೇಳಿದರು. ಪಟ್ಟಣದಲ್ಲಿ ನಡೆದ 72ನೇ ಅಖಿಲ ಭಾರತ ಸಹಕಾರ ಸಪ್ತಾಹ ಕಾರ್ಯಕ್ರಮದಲ್ಲಿ ಮಾತನಾಡಿದ ಅವರು, ಸಹಕಾರ ಸಂಘಗಳು ಗ್ರಾಮೀಣ ಆರ್ಥಿಕತೆಯ ಬೆನ್ನೆಲುಬು. ರೈತರು, ಕೃಷಿ ಕಾರ್ಮಿಕರು ಸಹಕಾರ ಸಂಘಗಳ ಸೌಲಭ್ಯ ಪಡೆದು ಆರ್ಥಿಕವಾಗಿ ಸದೃಢರಾಗಬೇಕು. ಸಂಘಗಳು ಪಾರದರ್ಶಕವಾಗಿ ಕಾರ್ಯನಿರ್ವಹಿಸಬೇಕು ಎಂದರು.
ಹಾನಗಲ್ಲ ಪಟ್ಟಣದಲ್ಲಿ ನಡೆದ 72ನೇ ಸಹಕಾರ ಸಪ್ತಾಹ ಕಾರ್ಯಕ್ರಮವನ್ನು ಗಣ್ಯರು ಉದ್ಘಾಟಿಸಿದರು. ಸಹಕಾರಿ ಸಂಘಗಳ ಅಧ್ಯಕ್ಷರು, ನಿರ್ದೇಶಕರು, ಬ್ಯಾಂಕ್ ಅಧಿಕಾರಿಗಳು ಹಾಗೂ ಸದಸ್ಯರು ಇದ್ದರು.
ಸಭೆಯಲ್ಲಿ ಹಿರಿಯ ಸಹಕಾರಿಗಳನ್ನು ಸನ್ಮಾನಿಸಲಾಯಿತು. ಉತ್ತಮ ಸಾಧನೆ ಮಾಡಿದ ಸಂಘಗಳಿಗೆ ಪ್ರಶಸ್ತಿ ವಿತರಿಸಲಾಯಿತು. ಈ ಸಂದರ್ಭದಲ್ಲಿ ಸಹಕಾರ ಇಲಾಖೆಯ ಅಧಿಕಾರಿಗಳು, ಪಿಕೆಪಿಎಸ್ ಅಧ್ಯಕ್ಷರು ಹಾಗೂ ಕಾರ್ಯದರ್ಶಿಗಳು ಉಪಸ್ಥಿತರಿದ್ದರು.
